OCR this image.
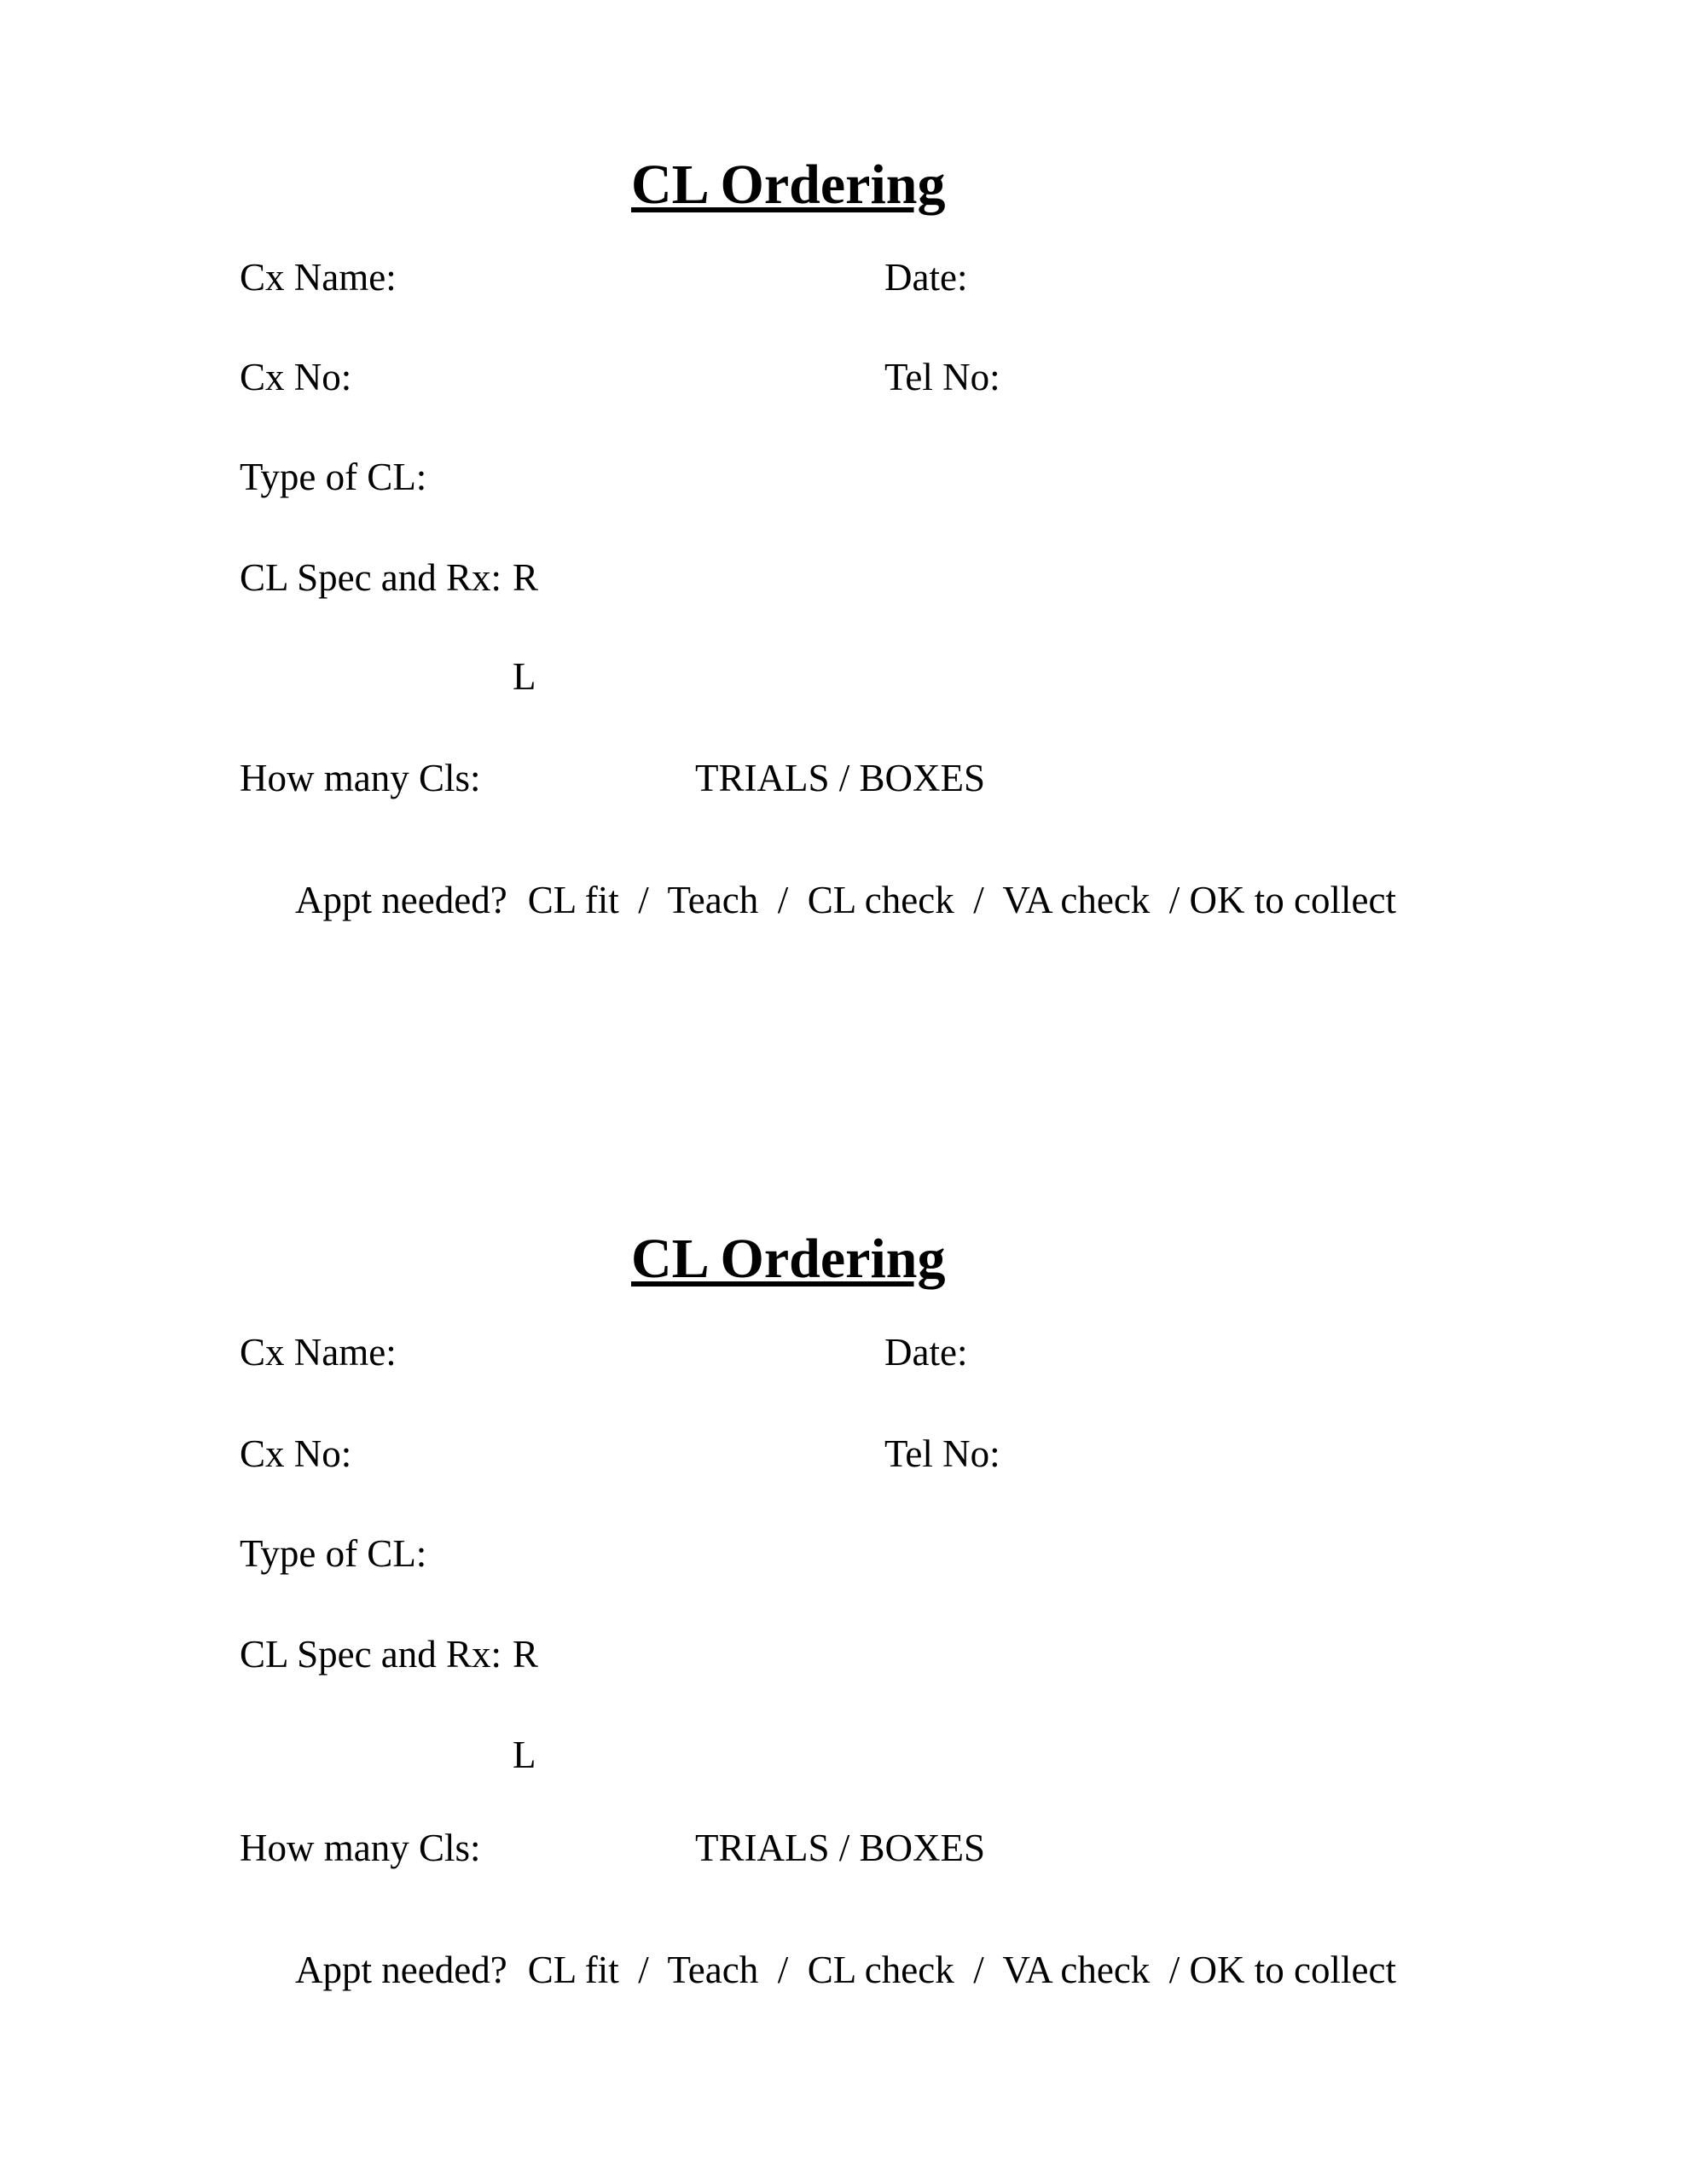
CL Ordering
Cx Name:	Date:
Cx No:	Tel No:
Type of CL:
CL Spec and Rx: R
L
How many Cls:	TRIALS / BOXES

Appt needed? CL fit  /  Teach  /  CL check  /  VA check  / OK to collect

CL Ordering
Cx Name:	Date:
Cx No:	Tel No:
Type of CL:
CL Spec and Rx: R
L
How many Cls:	TRIALS / BOXES

Appt needed? CL fit  /  Teach  /  CL check  /  VA check  / OK to collect
